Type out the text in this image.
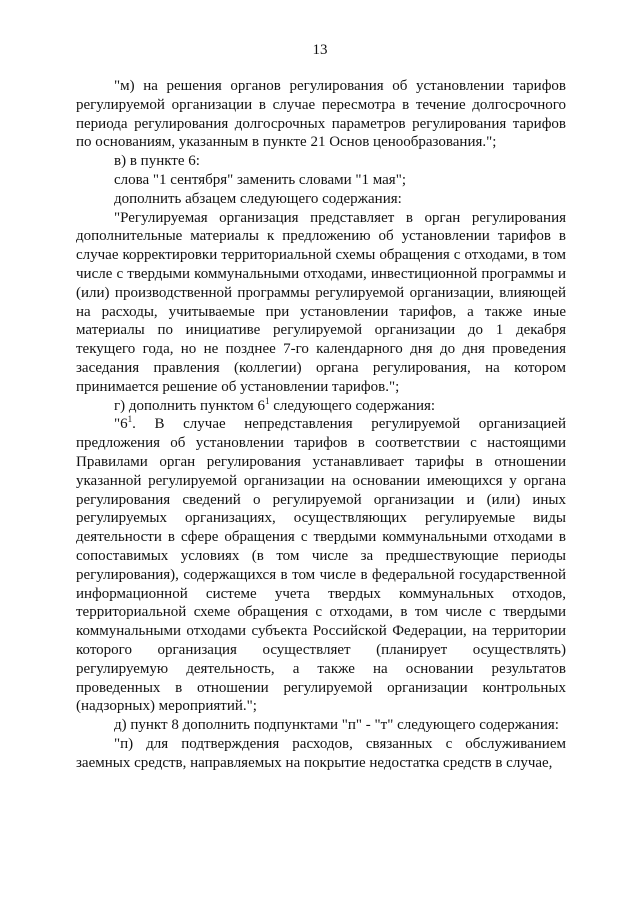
13

"м) на решения органов регулирования об установлении тарифов регулируемой организации в случае пересмотра в течение долгосрочного периода регулирования долгосрочных параметров регулирования тарифов по основаниям, указанным в пункте 21 Основ ценообразования.";

в) в пункте 6:

слова "1 сентября" заменить словами "1 мая";

дополнить абзацем следующего содержания:

"Регулируемая организация представляет в орган регулирования дополнительные материалы к предложению об установлении тарифов в случае корректировки территориальной схемы обращения с отходами, в том числе с твердыми коммунальными отходами, инвестиционной программы и (или) производственной программы регулируемой организации, влияющей на расходы, учитываемые при установлении тарифов, а также иные материалы по инициативе регулируемой организации до 1 декабря текущего года, но не позднее 7-го календарного дня до дня проведения заседания правления (коллегии) органа регулирования, на котором принимается решение об установлении тарифов.";

г) дополнить пунктом $6^1$ следующего содержания:

"$6^1$. В случае непредставления регулируемой организацией предложения об установлении тарифов в соответствии с настоящими Правилами орган регулирования устанавливает тарифы в отношении указанной регулируемой организации на основании имеющихся у органа регулирования сведений о регулируемой организации и (или) иных регулируемых организациях, осуществляющих регулируемые виды деятельности в сфере обращения с твердыми коммунальными отходами в сопоставимых условиях (в том числе за предшествующие периоды регулирования), содержащихся в том числе в федеральной государственной информационной системе учета твердых коммунальных отходов, территориальной схеме обращения с отходами, в том числе с твердыми коммунальными отходами субъекта Российской Федерации, на территории которого организация осуществляет (планирует осуществлять) регулируемую деятельность, а также на основании результатов проведенных в отношении регулируемой организации контрольных (надзорных) мероприятий.";

д) пункт 8 дополнить подпунктами "п" - "т" следующего содержания:

"п) для подтверждения расходов, связанных с обслуживанием заемных средств, направляемых на покрытие недостатка средств в случае,
